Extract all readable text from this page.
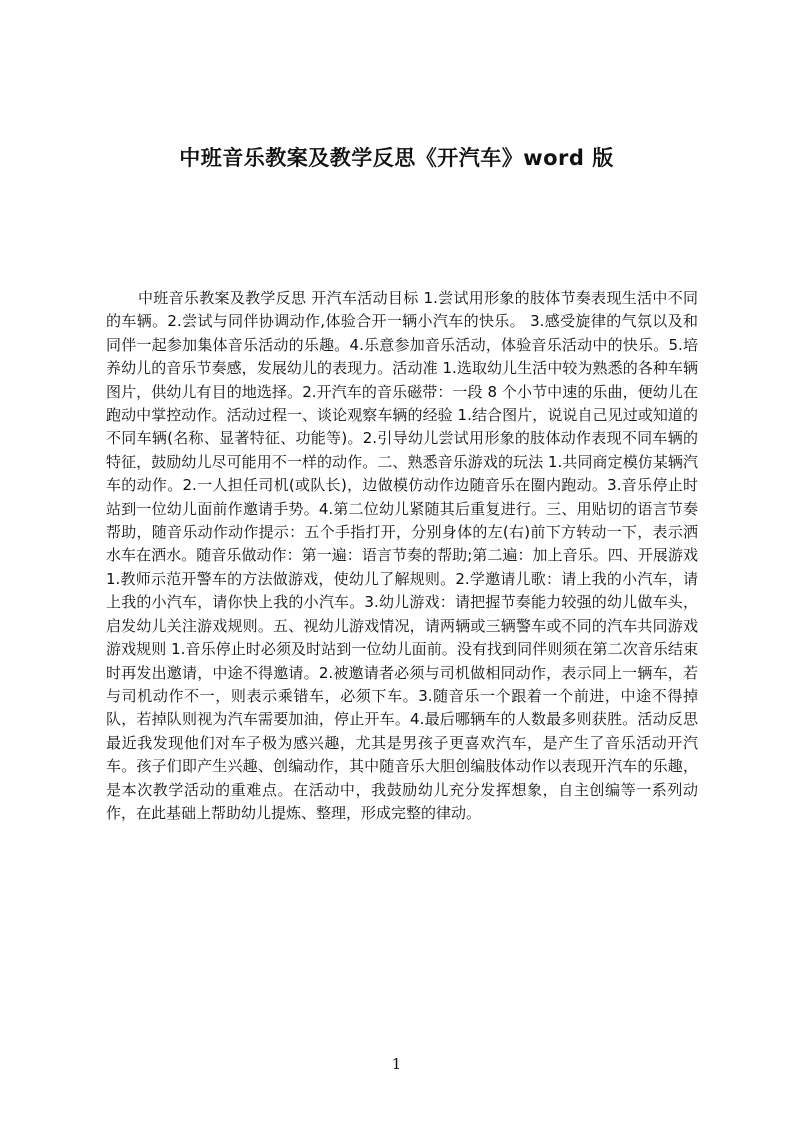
中班音乐教案及教学反思《开汽车》word 版

中班音乐教案及教学反思 开汽车活动目标 1.尝试用形象的肢体节奏表现生活中不同的车辆。2.尝试与同伴协调动作,体验合开一辆小汽车的快乐。 3.感受旋律的气氛以及和同伴一起参加集体音乐活动的乐趣。4.乐意参加音乐活动，体验音乐活动中的快乐。5.培养幼儿的音乐节奏感，发展幼儿的表现力。活动准 1.选取幼儿生活中较为熟悉的各种车辆图片，供幼儿有目的地选择。2.开汽车的音乐磁带：一段 8 个小节中速的乐曲，便幼儿在跑动中掌控动作。活动过程一、谈论观察车辆的经验 1.结合图片，说说自己见过或知道的不同车辆(名称、显著特征、功能等)。2.引导幼儿尝试用形象的肢体动作表现不同车辆的特征，鼓励幼儿尽可能用不一样的动作。二、熟悉音乐游戏的玩法 1.共同商定模仿某辆汽车的动作。2.一人担任司机(或队长)，边做模仿动作边随音乐在圈内跑动。3.音乐停止时站到一位幼儿面前作邀请手势。4.第二位幼儿紧随其后重复进行。三、用贴切的语言节奏帮助，随音乐动作动作提示：五个手指打开，分别身体的左(右)前下方转动一下，表示洒水车在洒水。随音乐做动作：第一遍：语言节奏的帮助;第二遍：加上音乐。四、开展游戏 1.教师示范开警车的方法做游戏，使幼儿了解规则。2.学邀请儿歌：请上我的小汽车，请上我的小汽车，请你快上我的小汽车。3.幼儿游戏：请把握节奏能力较强的幼儿做车头，启发幼儿关注游戏规则。五、视幼儿游戏情况，请两辆或三辆警车或不同的汽车共同游戏游戏规则 1.音乐停止时必须及时站到一位幼儿面前。没有找到同伴则须在第二次音乐结束时再发出邀请，中途不得邀请。2.被邀请者必须与司机做相同动作，表示同上一辆车，若与司机动作不一，则表示乘错车，必须下车。3.随音乐一个跟着一个前进，中途不得掉队，若掉队则视为汽车需要加油，停止开车。4.最后哪辆车的人数最多则获胜。活动反思最近我发现他们对车子极为感兴趣，尤其是男孩子更喜欢汽车，是产生了音乐活动开汽车。孩子们即产生兴趣、创编动作，其中随音乐大胆创编肢体动作以表现开汽车的乐趣，是本次教学活动的重难点。在活动中，我鼓励幼儿充分发挥想象，自主创编等一系列动作，在此基础上帮助幼儿提炼、整理，形成完整的律动。

1
